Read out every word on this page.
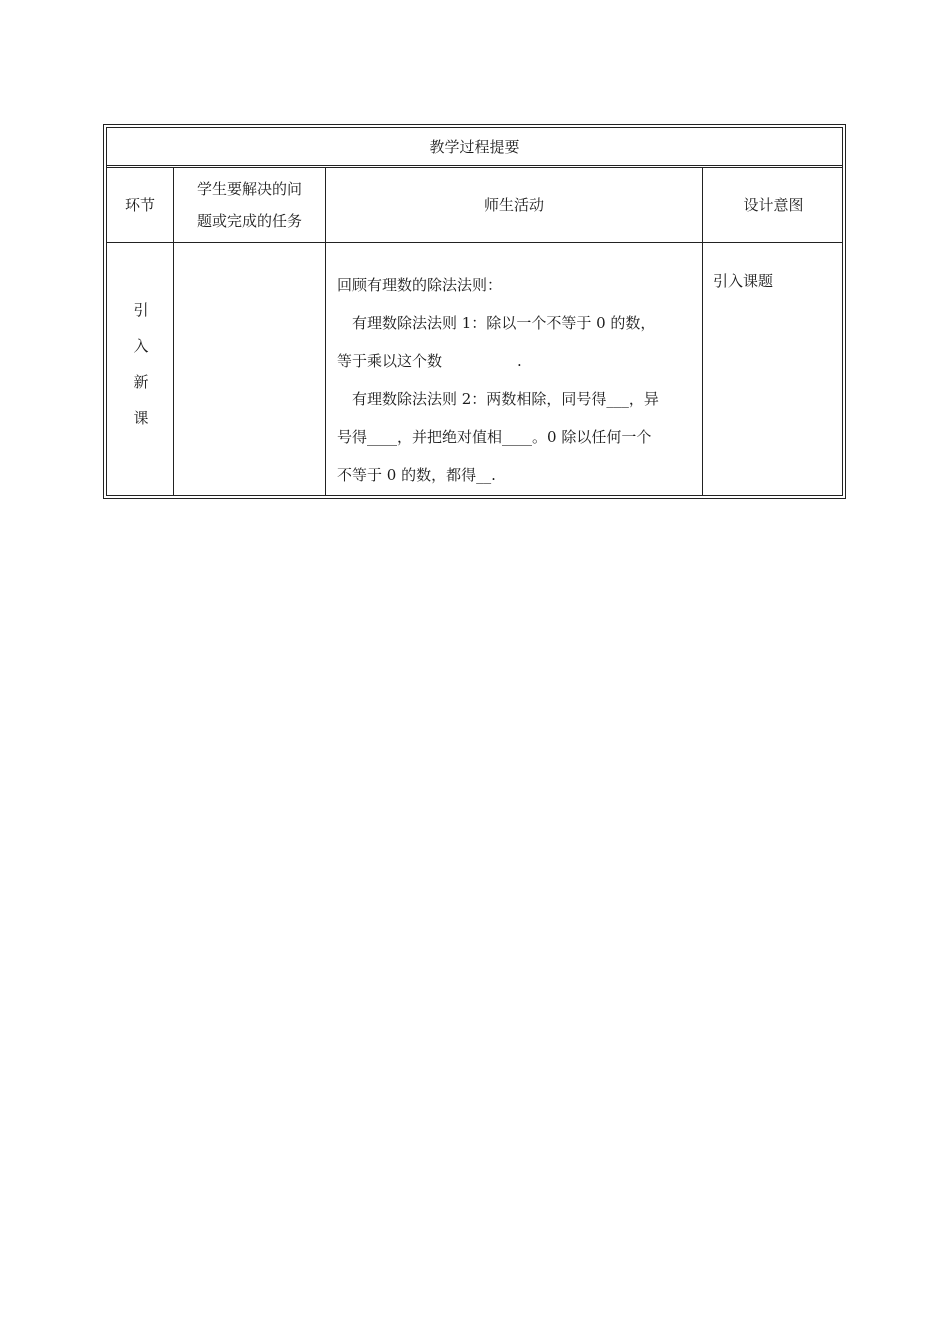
教学过程提要
环节
学生要解决的问
题或完成的任务
师生活动	设计意图
引
入
新
课
回顾有理数的除法法则：
　有理数除法法则 1：除以一个不等于 0 的数，
等于乘以这个数　　　　　.
　有理数除法法则 2：两数相除，同号得___，异
号得____，并把绝对值相____。0 除以任何一个
不等于 0 的数，都得__.
引入课题
